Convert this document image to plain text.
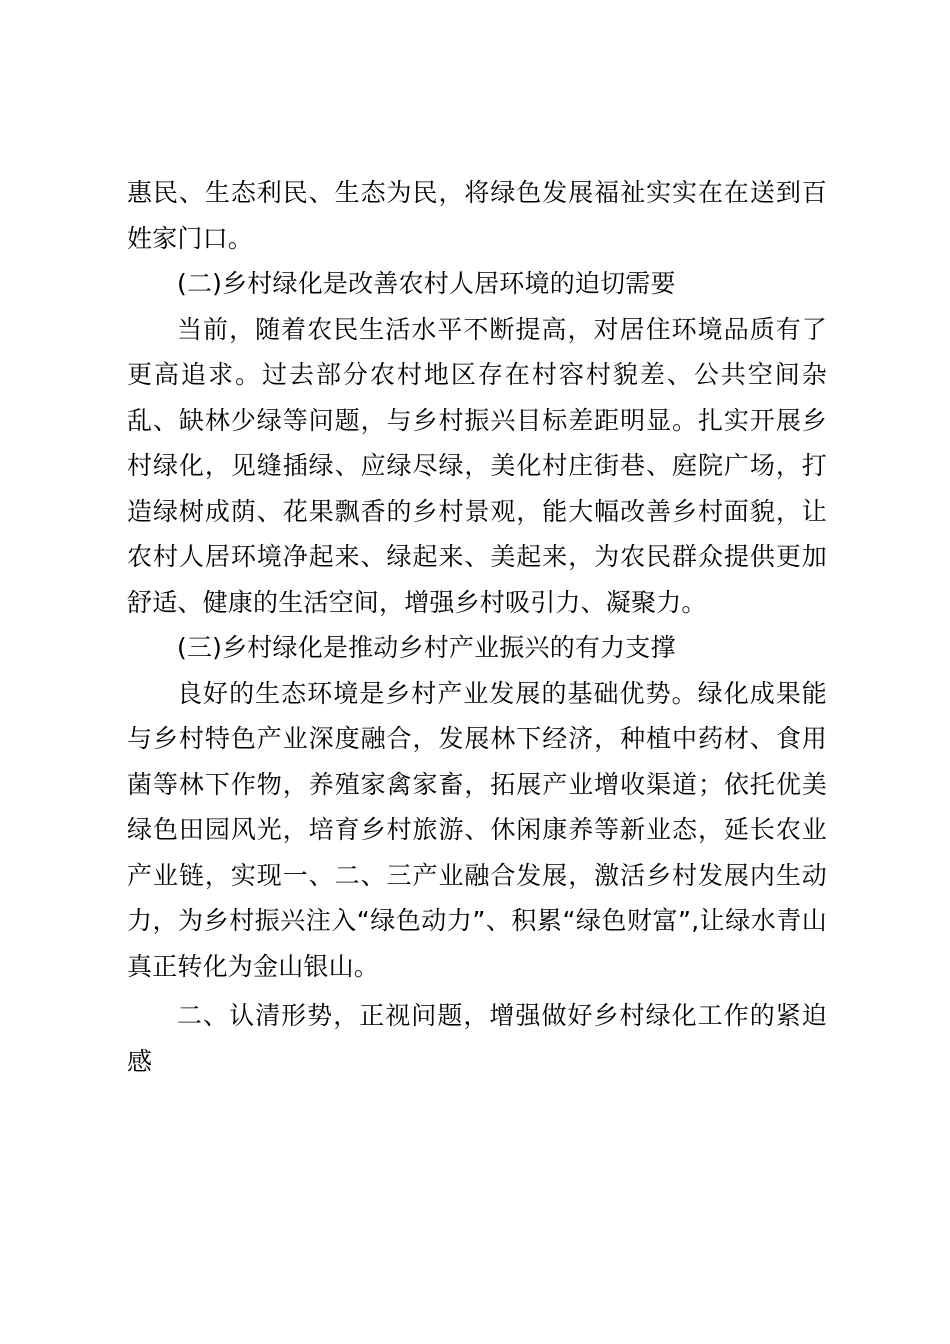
惠民、生态利民、生态为民，将绿色发展福祉实实在在送到百姓家门口。

(二)乡村绿化是改善农村人居环境的迫切需要

当前，随着农民生活水平不断提高，对居住环境品质有了更高追求。过去部分农村地区存在村容村貌差、公共空间杂乱、缺林少绿等问题，与乡村振兴目标差距明显。扎实开展乡村绿化，见缝插绿、应绿尽绿，美化村庄街巷、庭院广场，打造绿树成荫、花果飘香的乡村景观，能大幅改善乡村面貌，让农村人居环境净起来、绿起来、美起来，为农民群众提供更加舒适、健康的生活空间，增强乡村吸引力、凝聚力。

(三)乡村绿化是推动乡村产业振兴的有力支撑

良好的生态环境是乡村产业发展的基础优势。绿化成果能与乡村特色产业深度融合，发展林下经济，种植中药材、食用菌等林下作物，养殖家禽家畜，拓展产业增收渠道；依托优美绿色田园风光，培育乡村旅游、休闲康养等新业态，延长农业产业链，实现一、二、三产业融合发展，激活乡村发展内生动力，为乡村振兴注入“绿色动力”、积累“绿色财富”,让绿水青山真正转化为金山银山。

二、认清形势，正视问题，增强做好乡村绿化工作的紧迫感
